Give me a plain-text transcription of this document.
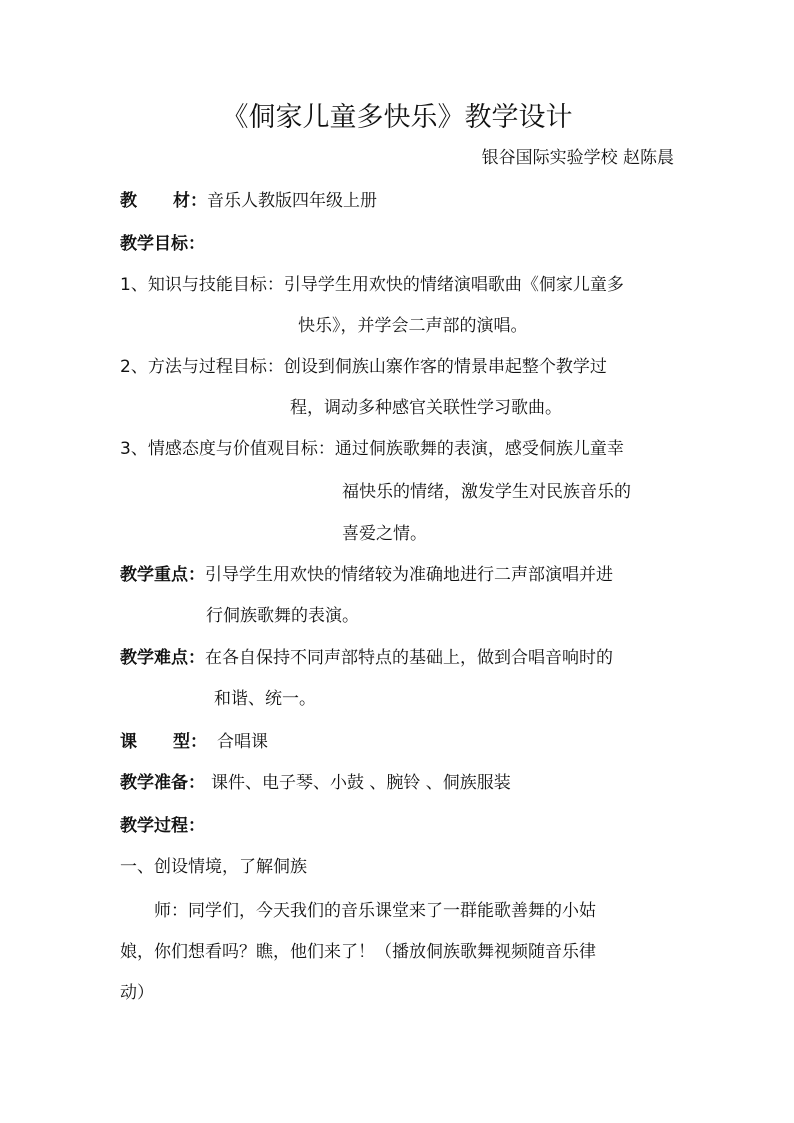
《侗家儿童多快乐》教学设计
银谷国际实验学校 赵陈晨
教 材：音乐人教版四年级上册
教学目标：
1、知识与技能目标：引导学生用欢快的情绪演唱歌曲《侗家儿童多
快乐》，并学会二声部的演唱。
2、方法与过程目标：创设到侗族山寨作客的情景串起整个教学过
程，调动多种感官关联性学习歌曲。
3、情感态度与价值观目标：通过侗族歌舞的表演，感受侗族儿童幸
福快乐的情绪，激发学生对民族音乐的
喜爱之情。
教学重点：引导学生用欢快的情绪较为准确地进行二声部演唱并进
行侗族歌舞的表演。
教学难点：在各自保持不同声部特点的基础上，做到合唱音响时的
和谐、统一。
课 型： 合唱课
教学准备： 课件、电子琴、小鼓 、腕铃 、侗族服装
教学过程：
一、创设情境，了解侗族
师：同学们，今天我们的音乐课堂来了一群能歌善舞的小姑
娘，你们想看吗？瞧，他们来了！（播放侗族歌舞视频随音乐律
动）
